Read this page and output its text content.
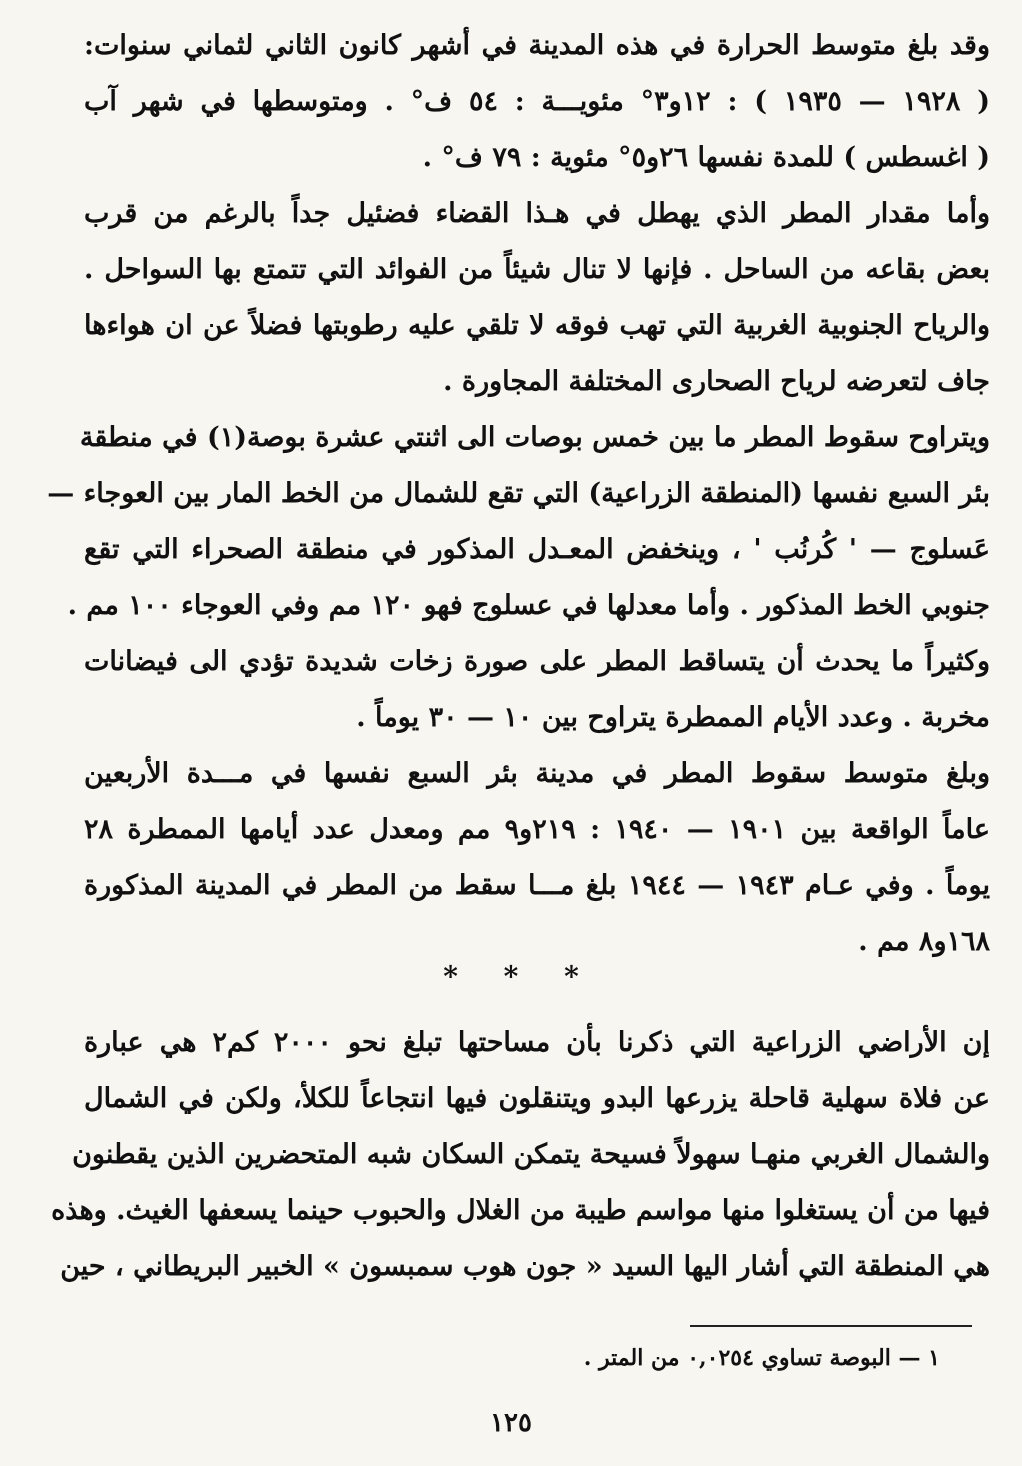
وقد بلغ متوسط الحرارة في هذه المدينة في أشهر كانون الثاني لثماني سنوات:
( ١٩٢٨ — ١٩٣٥ ) : ١٢و٣° مئويـــة : ٥٤ ف° . ومتوسطها في شهر آب
( اغسطس ) للمدة نفسها ٢٦و٥° مئوية : ٧٩ ف° .
وأما مقدار المطر الذي يهطل في هـذا القضاء فضئيل جداً بالرغم من قرب
بعض بقاعه من الساحل . فإنها لا تنال شيئاً من الفوائد التي تتمتع بها السواحل .
والرياح الجنوبية الغربية التي تهب فوقه لا تلقي عليه رطوبتها فضلاً عن ان هواءها
جاف لتعرضه لرياح الصحارى المختلفة المجاورة .
ويتراوح سقوط المطر ما بين خمس بوصات الى اثنتي عشرة بوصة(١) في منطقة
بئر السبع نفسها (المنطقة الزراعية) التي تقع للشمال من الخط المار بين العوجاء —
عَسلوج — ' كُرنُب ' ، وينخفض المعـدل المذكور في منطقة الصحراء التي تقع
جنوبي الخط المذكور . وأما معدلها في عسلوج فهو ١٢٠ مم وفي العوجاء ١٠٠ مم .
وكثيراً ما يحدث أن يتساقط المطر على صورة زخات شديدة تؤدي الى فيضانات
مخربة . وعدد الأيام الممطرة يتراوح بين ١٠ — ٣٠ يوماً .
وبلغ متوسط سقوط المطر في مدينة بئر السبع نفسها في مـــدة الأربعين
عاماً الواقعة بين ١٩٠١ — ١٩٤٠ : ٢١٩و٩ مم ومعدل عدد أيامها الممطرة ٢٨
يوماً . وفي عـام ١٩٤٣ — ١٩٤٤ بلغ مـــا سقط من المطر في المدينة المذكورة
١٦٨و٨ مم .
* * *
إن الأراضي الزراعية التي ذكرنا بأن مساحتها تبلغ نحو ٢٠٠٠ كم٢ هي عبارة
عن فلاة سهلية قاحلة يزرعها البدو ويتنقلون فيها انتجاعاً للكلأ، ولكن في الشمال
والشمال الغربي منهـا سهولاً فسيحة يتمكن السكان شبه المتحضرين الذين يقطنون
فيها من أن يستغلوا منها مواسم طيبة من الغلال والحبوب حينما يسعفها الغيث. وهذه
هي المنطقة التي أشار اليها السيد « جون هوب سمبسون » الخبير البريطاني ، حين
١ — البوصة تساوي ٠,٠٢٥٤ من المتر .
١٢٥
